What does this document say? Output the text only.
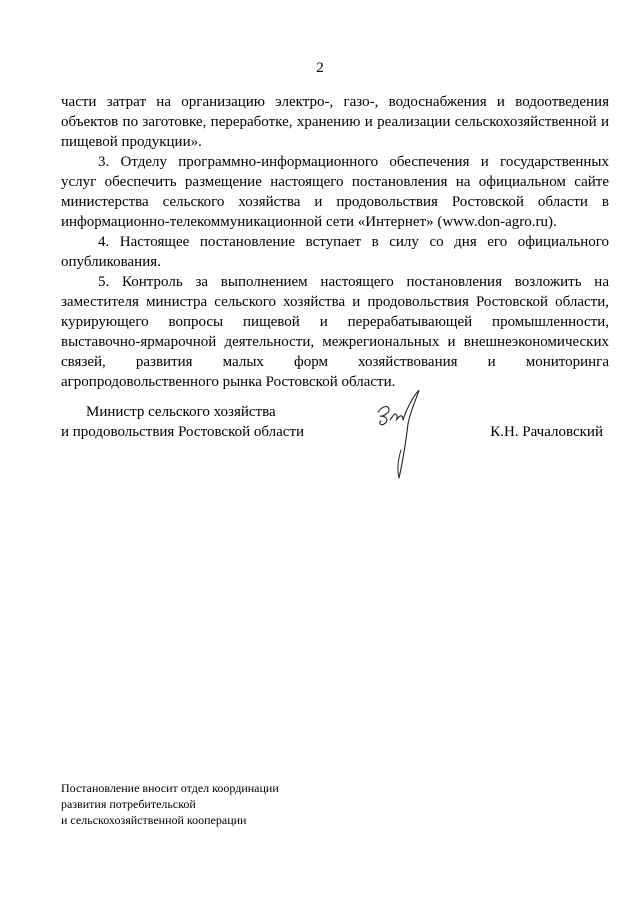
2

части затрат на организацию электро-, газо-, водоснабжения и водоотведения объектов по заготовке, переработке, хранению и реализации сельскохозяйственной и пищевой продукции».

3. Отделу программно-информационного обеспечения и государственных услуг обеспечить размещение настоящего постановления на официальном сайте министерства сельского хозяйства и продовольствия Ростовской области в информационно-телекоммуникационной сети «Интернет» (www.don-agro.ru).

4. Настоящее постановление вступает в силу со дня его официального опубликования.

5. Контроль за выполнением настоящего постановления возложить на заместителя министра сельского хозяйства и продовольствия Ростовской области, курирующего вопросы пищевой и перерабатывающей промышленности, выставочно-ярмарочной деятельности, межрегиональных и внешнеэкономических связей, развития малых форм хозяйствования и мониторинга агропродовольственного рынка Ростовской области.

Министр сельского хозяйства
и продовольствия Ростовской области	К.Н. Рачаловский
Постановление вносит отдел координации
развития потребительской
и сельскохозяйственной кооперации
